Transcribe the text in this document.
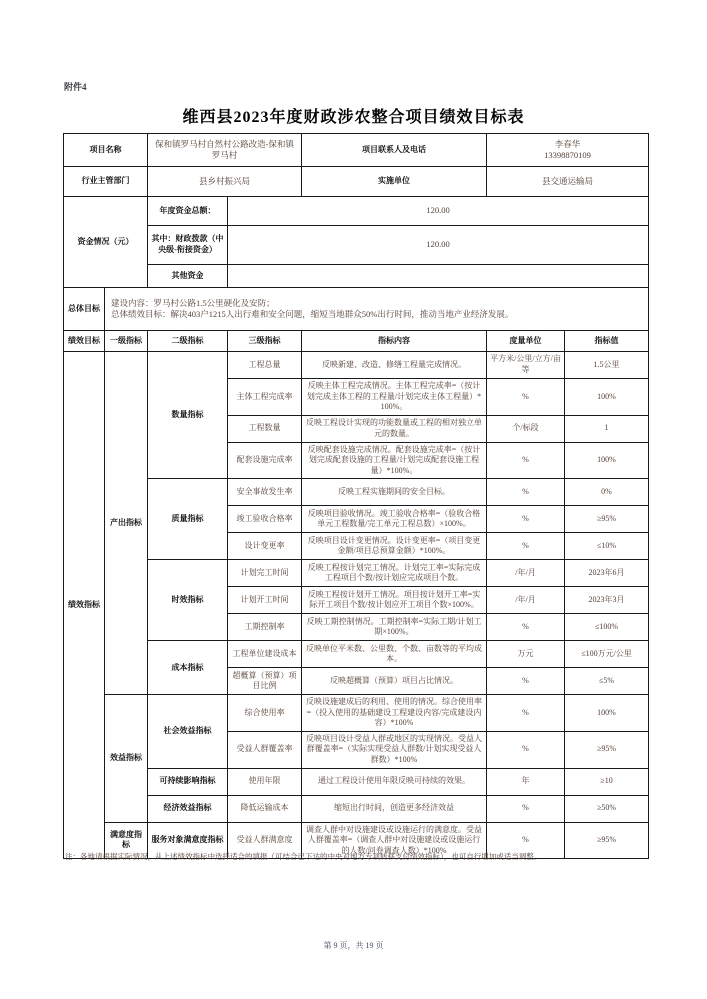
附件4
维西县2023年度财政涉农整合项目绩效目标表
项目名称		保和镇罗马村自然村公路改造-保和镇罗马村		项目联系人及电话	李春华
13398870109	

行业主管部门		县乡村振兴局		实施单位	县交通运输局	
资金情况（元）		年度资金总额：	120.00			
		其中：财政拨款（中央级-衔接资金）	120.00			
		其他资金				
总体目标	建设内容：罗马村公路1.5公里硬化及安防；
总体绩效目标：解决403户1215人出行难和安全问题，缩短当地群众50%出行时间，推动当地产业经济发展。					

绩效目标	一级指标	二级指标	三级指标	指标内容	度量单位	指标值
绩效指标	产出指标	数量指标	工程总量	反映新建、改造、修缮工程量完成情况。	平方米/公里/立方/亩等	1.5公里
			主体工程完成率	反映主体工程完成情况。主体工程完成率=（按计划完成主体工程的工程量/计划完成主体工程量）*100%。	%	100%
			工程数量	反映工程设计实现的功能数量或工程的相对独立单元的数量。	个/标段	1
			配套设施完成率	反映配套设施完成情况。配套设施完成率=（按计划完成配套设施的工程量/计划完成配套设施工程量）*100%。	%	100%
		质量指标	安全事故发生率	反映工程实施期间的安全目标。	%	0%
			竣工验收合格率	反映项目验收情况。竣工验收合格率=（验收合格单元工程数量/完工单元工程总数）×100%。	%	≥95%
			设计变更率	反映项目设计变更情况。设计变更率=（项目变更金额/项目总预算金额）*100%。	%	≤10%
		时效指标	计划完工时间	反映工程按计划完工情况。计划完工率=实际完成工程项目个数/按计划应完成项目个数。	/年/月	2023年6月
			计划开工时间	反映工程按计划开工情况。项目按计划开工率=实际开工项目个数/按计划应开工项目个数×100%。	/年/月	2023年3月
			工期控制率	反映工期控制情况。工期控制率=实际工期/计划工期×100%。	%	≤100%
		成本指标	工程单位建设成本	反映单位平米数、公里数、个数、亩数等的平均成本。	万元	≤100万元/公里
			超概算（预算）项目比例	反映超概算（预算）项目占比情况。	%	≤5%
	效益指标	社会效益指标	综合使用率	反映设施建成后的利用、使用的情况。综合使用率=（投入使用的基础建设工程建设内容/完成建设内容）*100%	%	100%
			受益人群覆盖率	反映项目设计受益人群或地区的实现情况。受益人群覆盖率=（实际实现受益人群数/计划实现受益人群数）*100%	%	≥95%
		可持续影响指标	使用年限	通过工程设计使用年限反映可持续的效果。	年	≥10
		经济效益指标	降低运输成本	缩短出行时间，创造更多经济效益	%	≥50%
	满意度指标	服务对象满意度指标	受益人群满意度	调查人群中对设施建设或设施运行的满意度。受益人群覆盖率=（调查人群中对设施建设或设施运行的人数/问卷调查人数）*100%	%	≥95%
注：各地请根据实际情况，从上述绩效指标中选择适合的填报（可结合已下达的中央对地方专项转移支付绩效指标），也可自行增加或适当调整。
第 9 页，共 19 页
